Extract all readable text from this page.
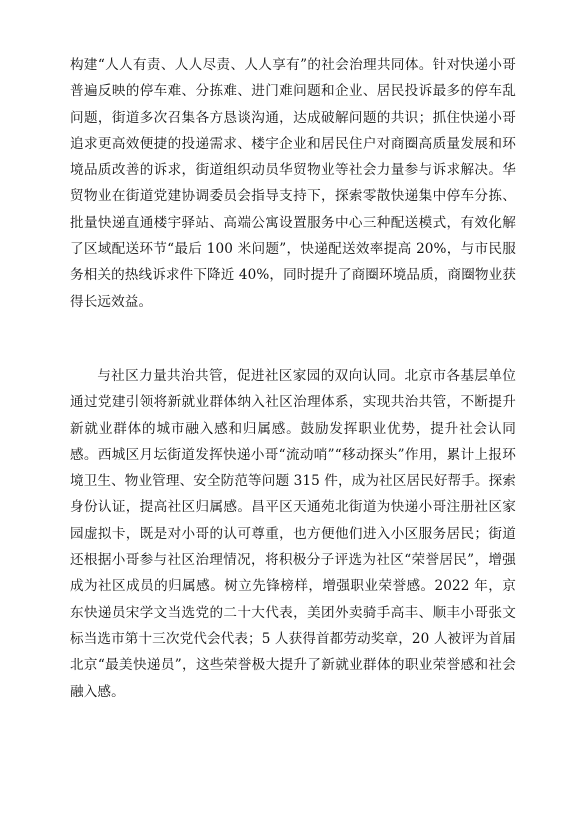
构建“人人有责、人人尽责、人人享有”的社会治理共同体。针对快递小哥普遍反映的停车难、分拣难、进门难问题和企业、居民投诉最多的停车乱问题，街道多次召集各方恳谈沟通，达成破解问题的共识；抓住快递小哥追求更高效便捷的投递需求、楼宇企业和居民住户对商圈高质量发展和环境品质改善的诉求，街道组织动员华贸物业等社会力量参与诉求解决。华贸物业在街道党建协调委员会指导支持下，探索零散快递集中停车分拣、批量快递直通楼宇驿站、高端公寓设置服务中心三种配送模式，有效化解了区域配送环节“最后 100 米问题”，快递配送效率提高 20%，与市民服务相关的热线诉求件下降近 40%，同时提升了商圈环境品质，商圈物业获得长远效益。

与社区力量共治共管，促进社区家园的双向认同。北京市各基层单位通过党建引领将新就业群体纳入社区治理体系，实现共治共管，不断提升新就业群体的城市融入感和归属感。鼓励发挥职业优势，提升社会认同感。西城区月坛街道发挥快递小哥“流动哨”“移动探头”作用，累计上报环境卫生、物业管理、安全防范等问题 315 件，成为社区居民好帮手。探索身份认证，提高社区归属感。昌平区天通苑北街道为快递小哥注册社区家园虚拟卡，既是对小哥的认可尊重，也方便他们进入小区服务居民；街道还根据小哥参与社区治理情况，将积极分子评选为社区“荣誉居民”，增强成为社区成员的归属感。树立先锋榜样，增强职业荣誉感。2022 年，京东快递员宋学文当选党的二十大代表，美团外卖骑手高丰、顺丰小哥张文标当选市第十三次党代会代表；5 人获得首都劳动奖章，20 人被评为首届北京“最美快递员”，这些荣誉极大提升了新就业群体的职业荣誉感和社会融入感。
